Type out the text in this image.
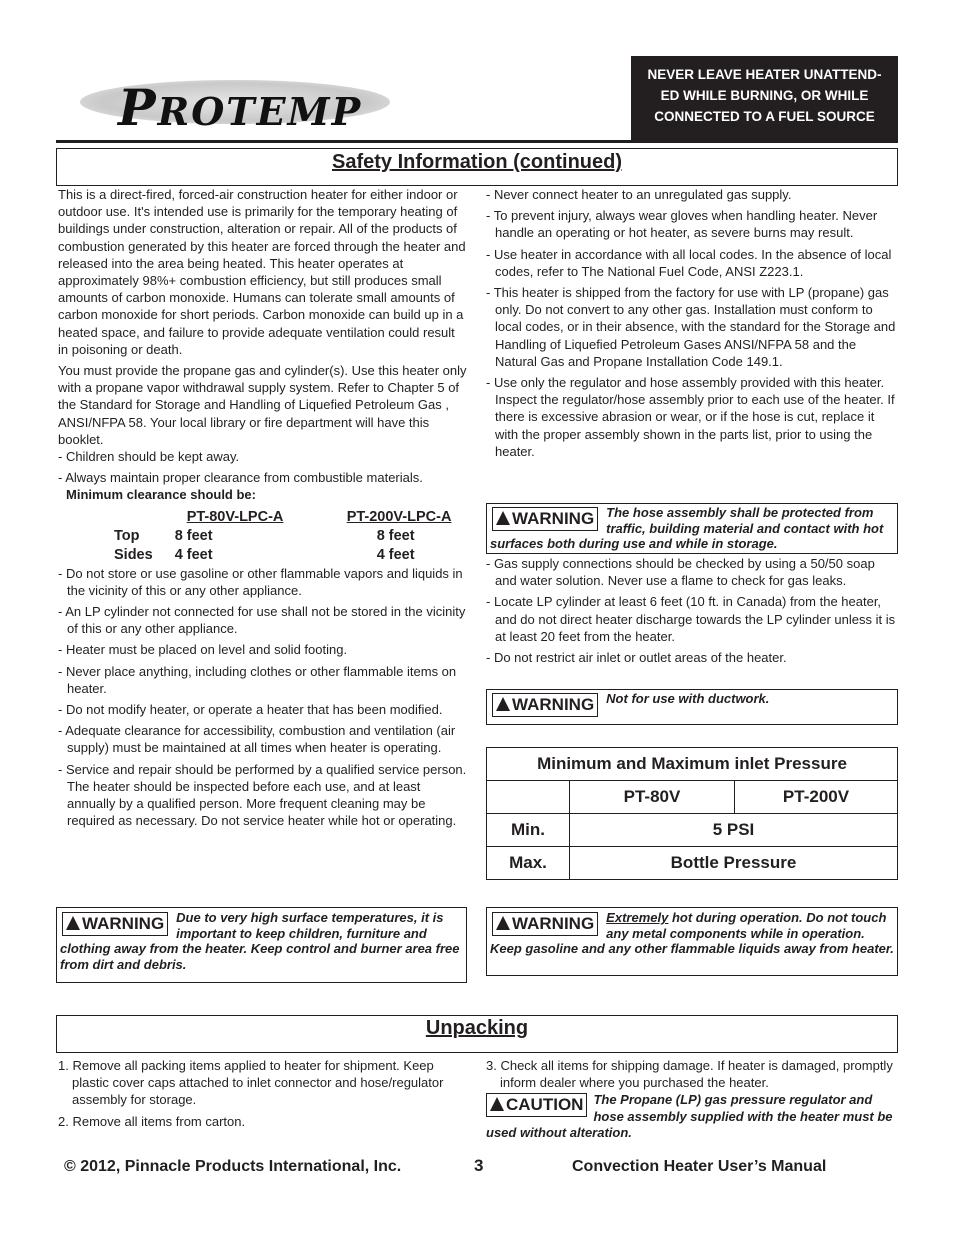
PROTEMP
NEVER LEAVE HEATER UNATTEND-
ED WHILE BURNING, OR WHILE
CONNECTED TO A FUEL SOURCE
Safety Information (continued)

This is a direct-fired, forced-air construction heater for either indoor or outdoor use. It's intended use is primarily for the temporary heating of buildings under construction, alteration or repair. All of the products of combustion generated by this heater are forced through the heater and released into the area being heated. This heater operates at approximately 98%+ combustion efficiency, but still produces small amounts of carbon monoxide. Humans can tolerate small amounts of carbon monoxide for short periods. Carbon monoxide can build up in a heated space, and failure to provide adequate ventilation could result in poisoning or death.

You must provide the propane gas and cylinder(s). Use this heater only with a propane vapor withdrawal supply system. Refer to Chapter 5 of the Standard for Storage and Handling of Liquefied Petroleum Gas , ANSI/NFPA 58. Your local library or fire department will have this booklet.

- Children should be kept away.

- Always maintain proper clearance from combustible materials.

Minimum clearance should be:
	PT-80V-LPC-A	PT-200V-LPC-A
Top	8 feet	8 feet
Sides	4 feet	4 feet

- Do not store or use gasoline or other flammable vapors and liquids in the vicinity of this or any other appliance.

- An LP cylinder not connected for use shall not be stored in the vicinity of this or any other appliance.

- Heater must be placed on level and solid footing.

- Never place anything, including clothes or other flammable items on heater.

- Do not modify heater, or operate a heater that has been modified.

- Adequate clearance for accessibility, combustion and ventilation (air supply) must be maintained at all times when heater is operating.

- Service and repair should be performed by a qualified service person. The heater should be inspected before each use, and at least annually by a qualified person. More frequent cleaning may be required as necessary. Do not service heater while hot or operating.

WARNING Due to very high surface temperatures, it is important to keep children, furniture and clothing away from the heater. Keep control and burner area free from dirt and debris.

- Never connect heater to an unregulated gas supply.

- To prevent injury, always wear gloves when handling heater. Never handle an operating or hot heater, as severe burns may result.

- Use heater in accordance with all local codes. In the absence of local codes, refer to The National Fuel Code, ANSI Z223.1.

- This heater is shipped from the factory for use with LP (propane) gas only. Do not convert to any other gas. Installation must conform to local codes, or in their absence, with the standard for the Storage and Handling of Liquefied Petroleum Gases ANSI/NFPA 58 and the Natural Gas and Propane Installation Code 149.1.

- Use only the regulator and hose assembly provided with this heater. Inspect the regulator/hose assembly prior to each use of the heater. If there is excessive abrasion or wear, or if the hose is cut, replace it with the proper assembly shown in the parts list, prior to using the heater.

WARNING The hose assembly shall be protected from traffic, building material and contact with hot surfaces both during use and while in storage.

- Gas supply connections should be checked by using a 50/50 soap and water solution. Never use a flame to check for gas leaks.

- Locate LP cylinder at least 6 feet (10 ft. in Canada) from the heater, and do not direct heater discharge towards the LP cylinder unless it is at least 20 feet from the heater.

- Do not restrict air inlet or outlet areas of the heater.

WARNING Not for use with ductwork.
Minimum and Maximum inlet Pressure		
	PT-80V	PT-200V
Min.	5 PSI	
Max.	Bottle Pressure	
WARNING Extremely hot during operation. Do not touch any metal components while in operation. Keep gasoline and any other flammable liquids away from heater.
Unpacking

1. Remove all packing items applied to heater for shipment. Keep plastic cover caps attached to inlet connector and hose/regulator assembly for storage.

2. Remove all items from carton.

3. Check all items for shipping damage. If heater is damaged, promptly inform dealer where you purchased the heater.

CAUTION The Propane (LP) gas pressure regulator and hose assembly supplied with the heater must be used without alteration.
© 2012, Pinnacle Products International, Inc.	3	Convection Heater User’s Manual
